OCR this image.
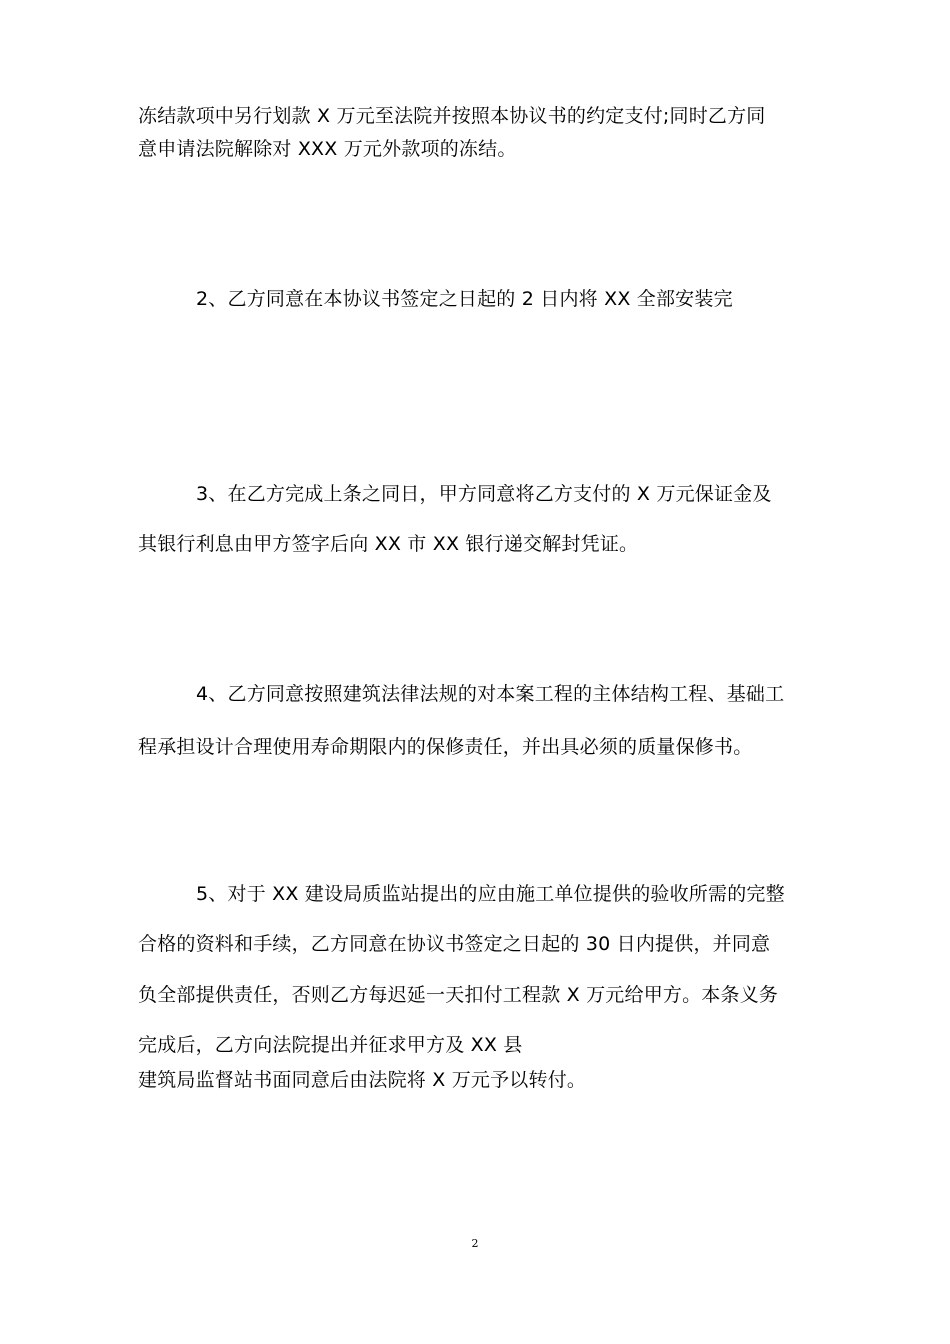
冻结款项中另行划款 X 万元至法院并按照本协议书的约定支付;同时乙方同
意申请法院解除对 XXX 万元外款项的冻结。
2、乙方同意在本协议书签定之日起的 2 日内将 XX 全部安装完
3、在乙方完成上条之同日，甲方同意将乙方支付的 X 万元保证金及
其银行利息由甲方签字后向 XX 市 XX 银行递交解封凭证。
4、乙方同意按照建筑法律法规的对本案工程的主体结构工程、基础工
程承担设计合理使用寿命期限内的保修责任，并出具必须的质量保修书。
5、对于 XX 建设局质监站提出的应由施工单位提供的验收所需的完整
合格的资料和手续，乙方同意在协议书签定之日起的 30 日内提供，并同意
负全部提供责任，否则乙方每迟延一天扣付工程款 X 万元给甲方。本条义务
完成后，乙方向法院提出并征求甲方及 XX 县
建筑局监督站书面同意后由法院将 X 万元予以转付。
2
